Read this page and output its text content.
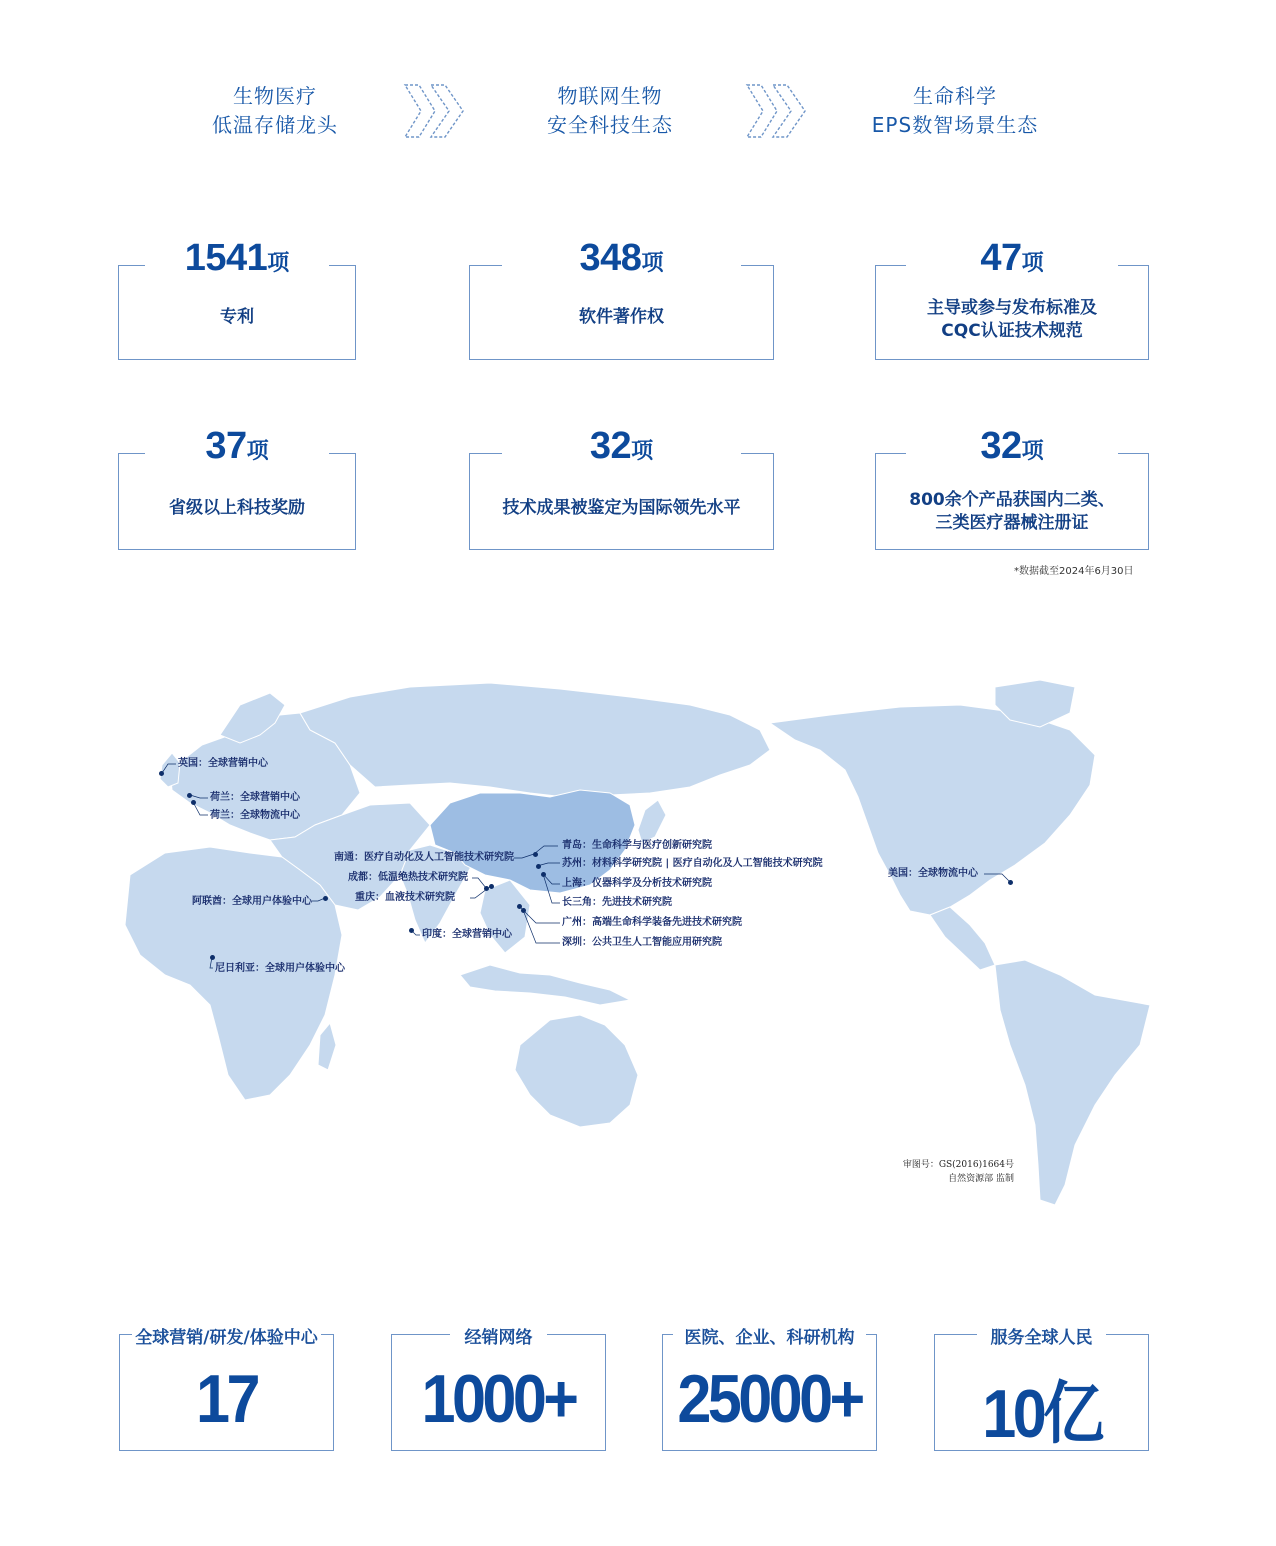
生物医疗
低温存储龙头
物联网生物
安全科技生态
生命科学
EPS数智场景生态
1541项
专利
348项
软件著作权
47项
主导或参与发布标准及
CQC认证技术规范
37项
省级以上科技奖励
32项
技术成果被鉴定为国际领先水平
32项
800余个产品获国内二类、
三类医疗器械注册证
*数据截至2024年6月30日
英国：全球营销中心
荷兰：全球营销中心
荷兰：全球物流中心
南通：医疗自动化及人工智能技术研究院
成都：低温绝热技术研究院
重庆：血液技术研究院
阿联酋：全球用户体验中心
印度：全球营销中心
尼日利亚：全球用户体验中心
青岛：生命科学与医疗创新研究院
苏州：材料科学研究院 | 医疗自动化及人工智能技术研究院
上海：仪器科学及分析技术研究院
长三角：先进技术研究院
广州：高端生命科学装备先进技术研究院
深圳：公共卫生人工智能应用研究院
美国：全球物流中心
审图号：GS(2016)1664号
自然资源部 监制
全球营销/研发/体验中心
17
经销网络
1000+
医院、企业、科研机构
25000+
服务全球人民
10亿
